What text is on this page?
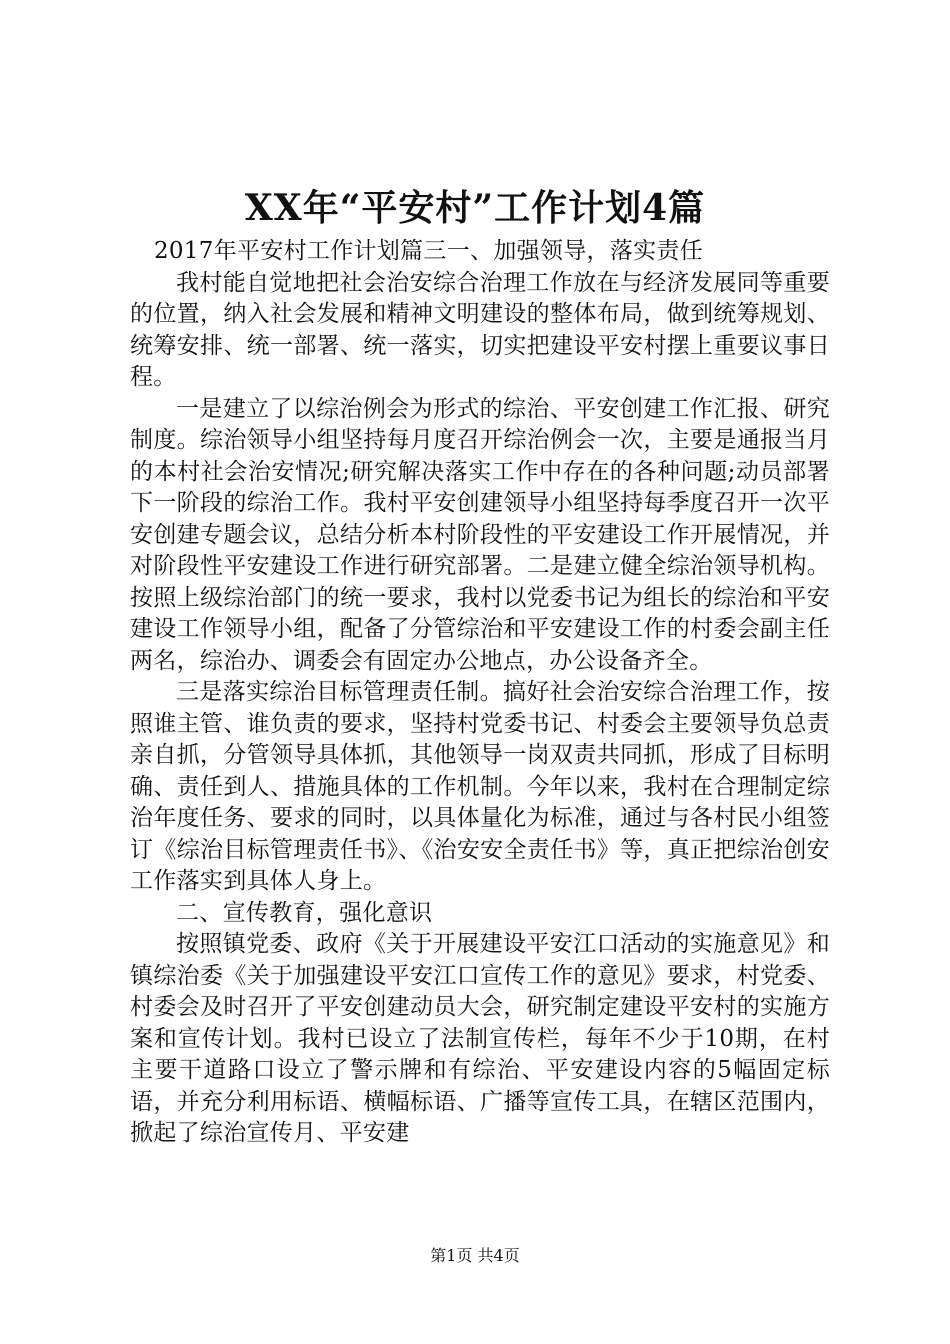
XX年“平安村”工作计划4篇

2017年平安村工作计划篇三一、加强领导，落实责任

我村能自觉地把社会治安综合治理工作放在与经济发展同等重要的位置，纳入社会发展和精神文明建设的整体布局，做到统筹规划、统筹安排、统一部署、统一落实，切实把建设平安村摆上重要议事日程。

一是建立了以综治例会为形式的综治、平安创建工作汇报、研究制度。综治领导小组坚持每月度召开综治例会一次，主要是通报当月的本村社会治安情况;研究解决落实工作中存在的各种问题;动员部署下一阶段的综治工作。我村平安创建领导小组坚持每季度召开一次平安创建专题会议，总结分析本村阶段性的平安建设工作开展情况，并对阶段性平安建设工作进行研究部署。二是建立健全综治领导机构。按照上级综治部门的统一要求，我村以党委书记为组长的综治和平安建设工作领导小组，配备了分管综治和平安建设工作的村委会副主任两名，综治办、调委会有固定办公地点，办公设备齐全。

三是落实综治目标管理责任制。搞好社会治安综合治理工作，按照谁主管、谁负责的要求，坚持村党委书记、村委会主要领导负总责亲自抓，分管领导具体抓，其他领导一岗双责共同抓，形成了目标明确、责任到人、措施具体的工作机制。今年以来，我村在合理制定综治年度任务、要求的同时，以具体量化为标准，通过与各村民小组签订《综治目标管理责任书》、《治安安全责任书》等，真正把综治创安工作落实到具体人身上。

二、宣传教育，强化意识

按照镇党委、政府《关于开展建设平安江口活动的实施意见》和镇综治委《关于加强建设平安江口宣传工作的意见》要求，村党委、村委会及时召开了平安创建动员大会，研究制定建设平安村的实施方案和宣传计划。我村已设立了法制宣传栏，每年不少于10期，在村主要干道路口设立了警示牌和有综治、平安建设内容的5幅固定标语，并充分利用标语、横幅标语、广播等宣传工具，在辖区范围内，掀起了综治宣传月、平安建

第1页 共4页
